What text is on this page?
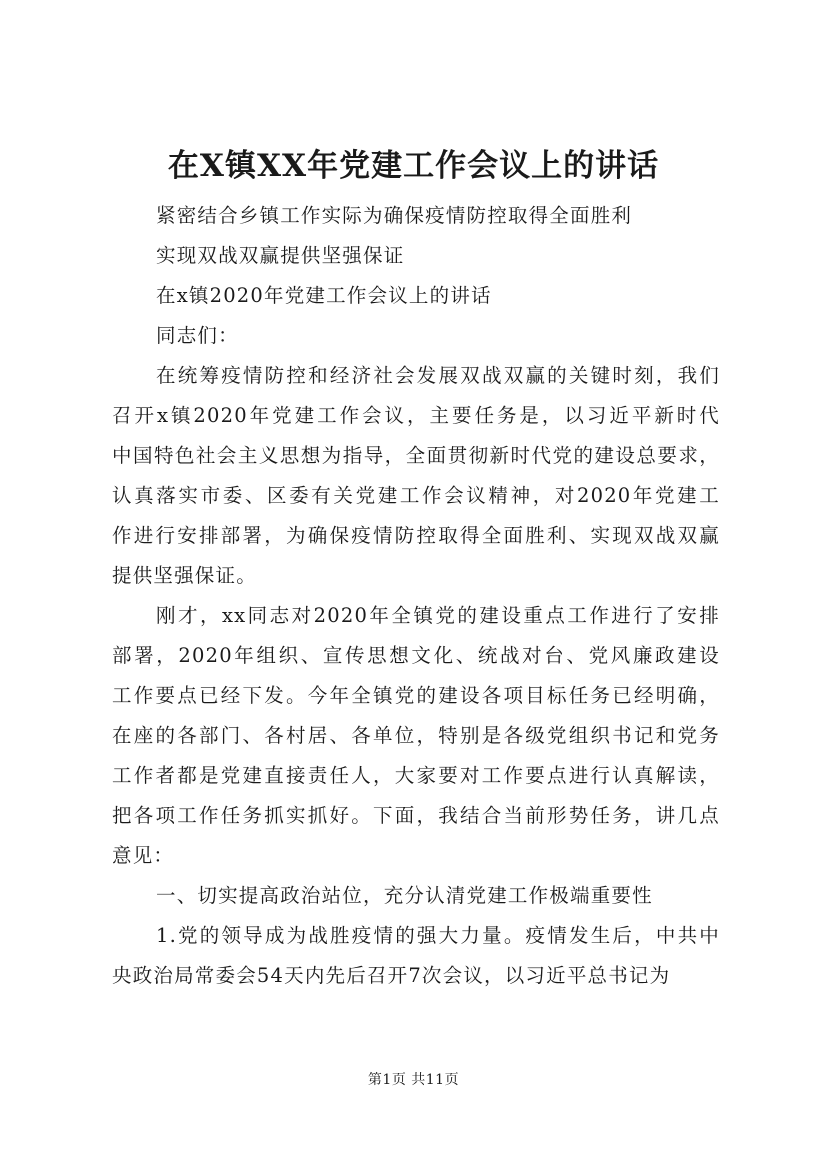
在X镇XX年党建工作会议上的讲话

紧密结合乡镇工作实际为确保疫情防控取得全面胜利

实现双战双赢提供坚强保证

在x镇2020年党建工作会议上的讲话

同志们：

在统筹疫情防控和经济社会发展双战双赢的关键时刻，我们

召开x镇2020年党建工作会议，主要任务是，以习近平新时代

中国特色社会主义思想为指导，全面贯彻新时代党的建设总要求，

认真落实市委、区委有关党建工作会议精神，对2020年党建工

作进行安排部署，为确保疫情防控取得全面胜利、实现双战双赢

提供坚强保证。

刚才，xx同志对2020年全镇党的建设重点工作进行了安排

部署，2020年组织、宣传思想文化、统战对台、党风廉政建设

工作要点已经下发。今年全镇党的建设各项目标任务已经明确，

在座的各部门、各村居、各单位，特别是各级党组织书记和党务

工作者都是党建直接责任人，大家要对工作要点进行认真解读，

把各项工作任务抓实抓好。下面，我结合当前形势任务，讲几点

意见：

一、切实提高政治站位，充分认清党建工作极端重要性

1.党的领导成为战胜疫情的强大力量。疫情发生后，中共中

央政治局常委会54天内先后召开7次会议，以习近平总书记为

第1页 共11页
